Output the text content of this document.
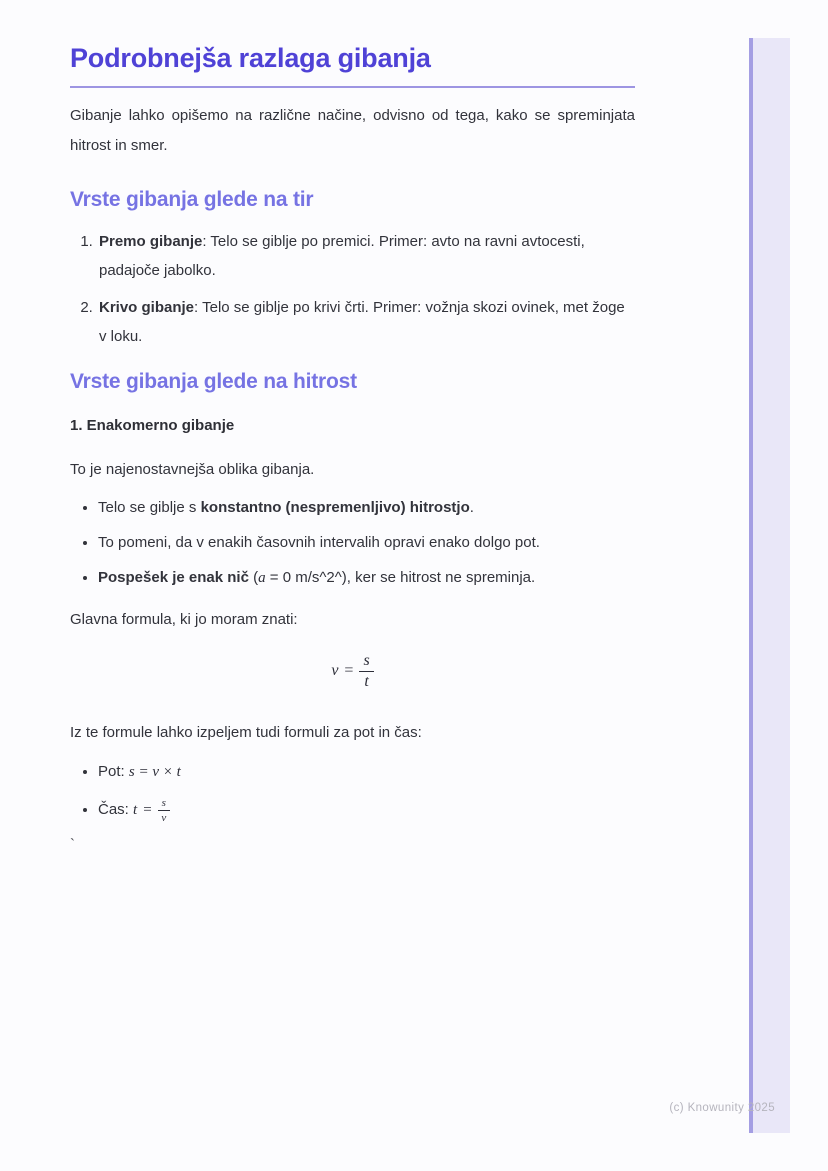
Podrobnejša razlaga gibanja

Gibanje lahko opišemo na različne načine, odvisno od tega, kako se spreminjata hitrost in smer.

Vrste gibanja glede na tir
1. Premo gibanje: Telo se giblje po premici. Primer: avto na ravni avtocesti, padajoče jabolko.
2. Krivo gibanje: Telo se giblje po krivi črti. Primer: vožnja skozi ovinek, met žoge v loku.
Vrste gibanja glede na hitrost
1. Enakomerno gibanje

To je najenostavnejša oblika gibanja.

• Telo se giblje s konstantno (nespremenljivo) hitrostjo.
• To pomeni, da v enakih časovnih intervalih opravi enako dolgo pot.
• Pospešek je enak nič (a = 0 m/s^2^), ker se hitrost ne spreminja.

Glavna formula, ki jo moram znati:

$v = \frac{s}{t}$

Iz te formule lahko izpeljem tudi formuli za pot in čas:

• Pot: s = v × t
• Čas: $t = \frac{s}{v}$
`
(c) Knowunity 2025
